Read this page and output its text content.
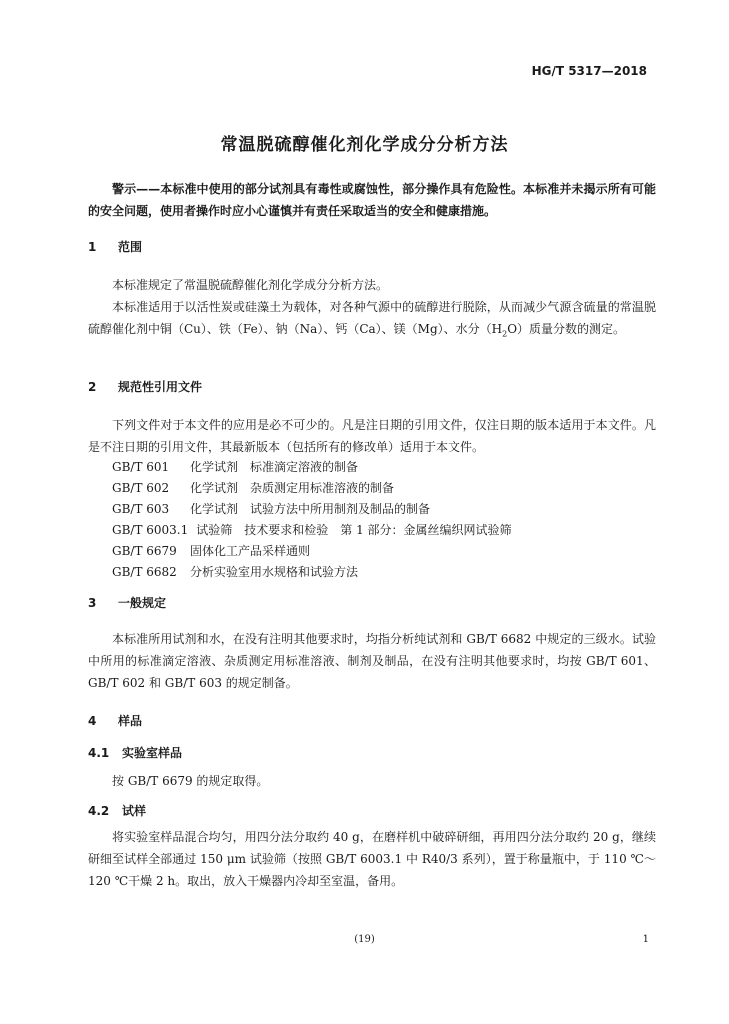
HG/T 5317—2018
常温脱硫醇催化剂化学成分分析方法
警示——本标准中使用的部分试剂具有毒性或腐蚀性，部分操作具有危险性。本标准并未揭示所有可能的安全问题，使用者操作时应小心谨慎并有责任采取适当的安全和健康措施。
1 范围
本标准规定了常温脱硫醇催化剂化学成分分析方法。
本标准适用于以活性炭或硅藻土为载体，对各种气源中的硫醇进行脱除，从而减少气源含硫量的常温脱硫醇催化剂中铜（Cu）、铁（Fe）、钠（Na）、钙（Ca）、镁（Mg）、水分$(H_2O)$质量分数的测定。
2 规范性引用文件
下列文件对于本文件的应用是必不可少的。凡是注日期的引用文件，仅注日期的版本适用于本文件。凡是不注日期的引用文件，其最新版本（包括所有的修改单）适用于本文件。
GB/T 601 化学试剂　标准滴定溶液的制备
GB/T 602 化学试剂　杂质测定用标准溶液的制备
GB/T 603 化学试剂　试验方法中所用制剂及制品的制备
GB/T 6003.1 试验筛　技术要求和检验　第 1 部分：金属丝编织网试验筛
GB/T 6679 固体化工产品采样通则
GB/T 6682 分析实验室用水规格和试验方法
3 一般规定
本标准所用试剂和水，在没有注明其他要求时，均指分析纯试剂和 GB/T 6682 中规定的三级水。试验中所用的标准滴定溶液、杂质测定用标准溶液、制剂及制品，在没有注明其他要求时，均按 GB/T 601、GB/T 602 和 GB/T 603 的规定制备。
4 样品
4.1 实验室样品
按 GB/T 6679 的规定取得。
4.2 试样
将实验室样品混合均匀，用四分法分取约 40 g，在磨样机中破碎研细，再用四分法分取约 20 g，继续研细至试样全部通过 150 μm 试验筛（按照 GB/T 6003.1 中 R40/3 系列），置于称量瓶中，于 110 ℃～120 ℃干燥 2 h。取出，放入干燥器内冷却至室温，备用。
(19)	1
